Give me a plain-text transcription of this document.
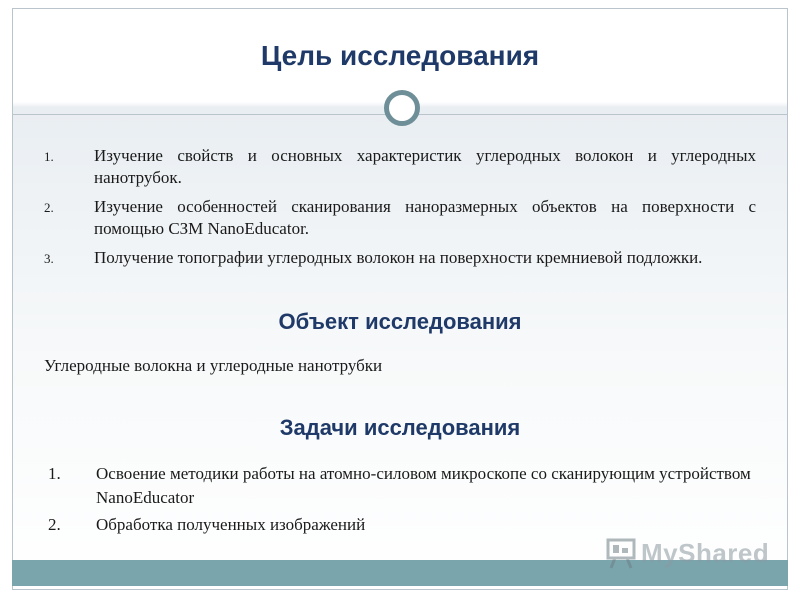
Цель исследования
1.	Изучение свойств и основных характеристик углеродных волокон и углеродных нанотрубок.
2.	Изучение особенностей сканирования наноразмерных объектов на поверхности с помощью СЗМ NanoEducator.
3.	Получение топографии углеродных волокон на поверхности кремниевой подложки.
Объект исследования
Углеродные волокна и углеродные нанотрубки
Задачи исследования
1.	Освоение методики работы на атомно-силовом микроскопе со сканирующим устройством NanoEducator
2.	Обработка полученных изображений
MyShared
